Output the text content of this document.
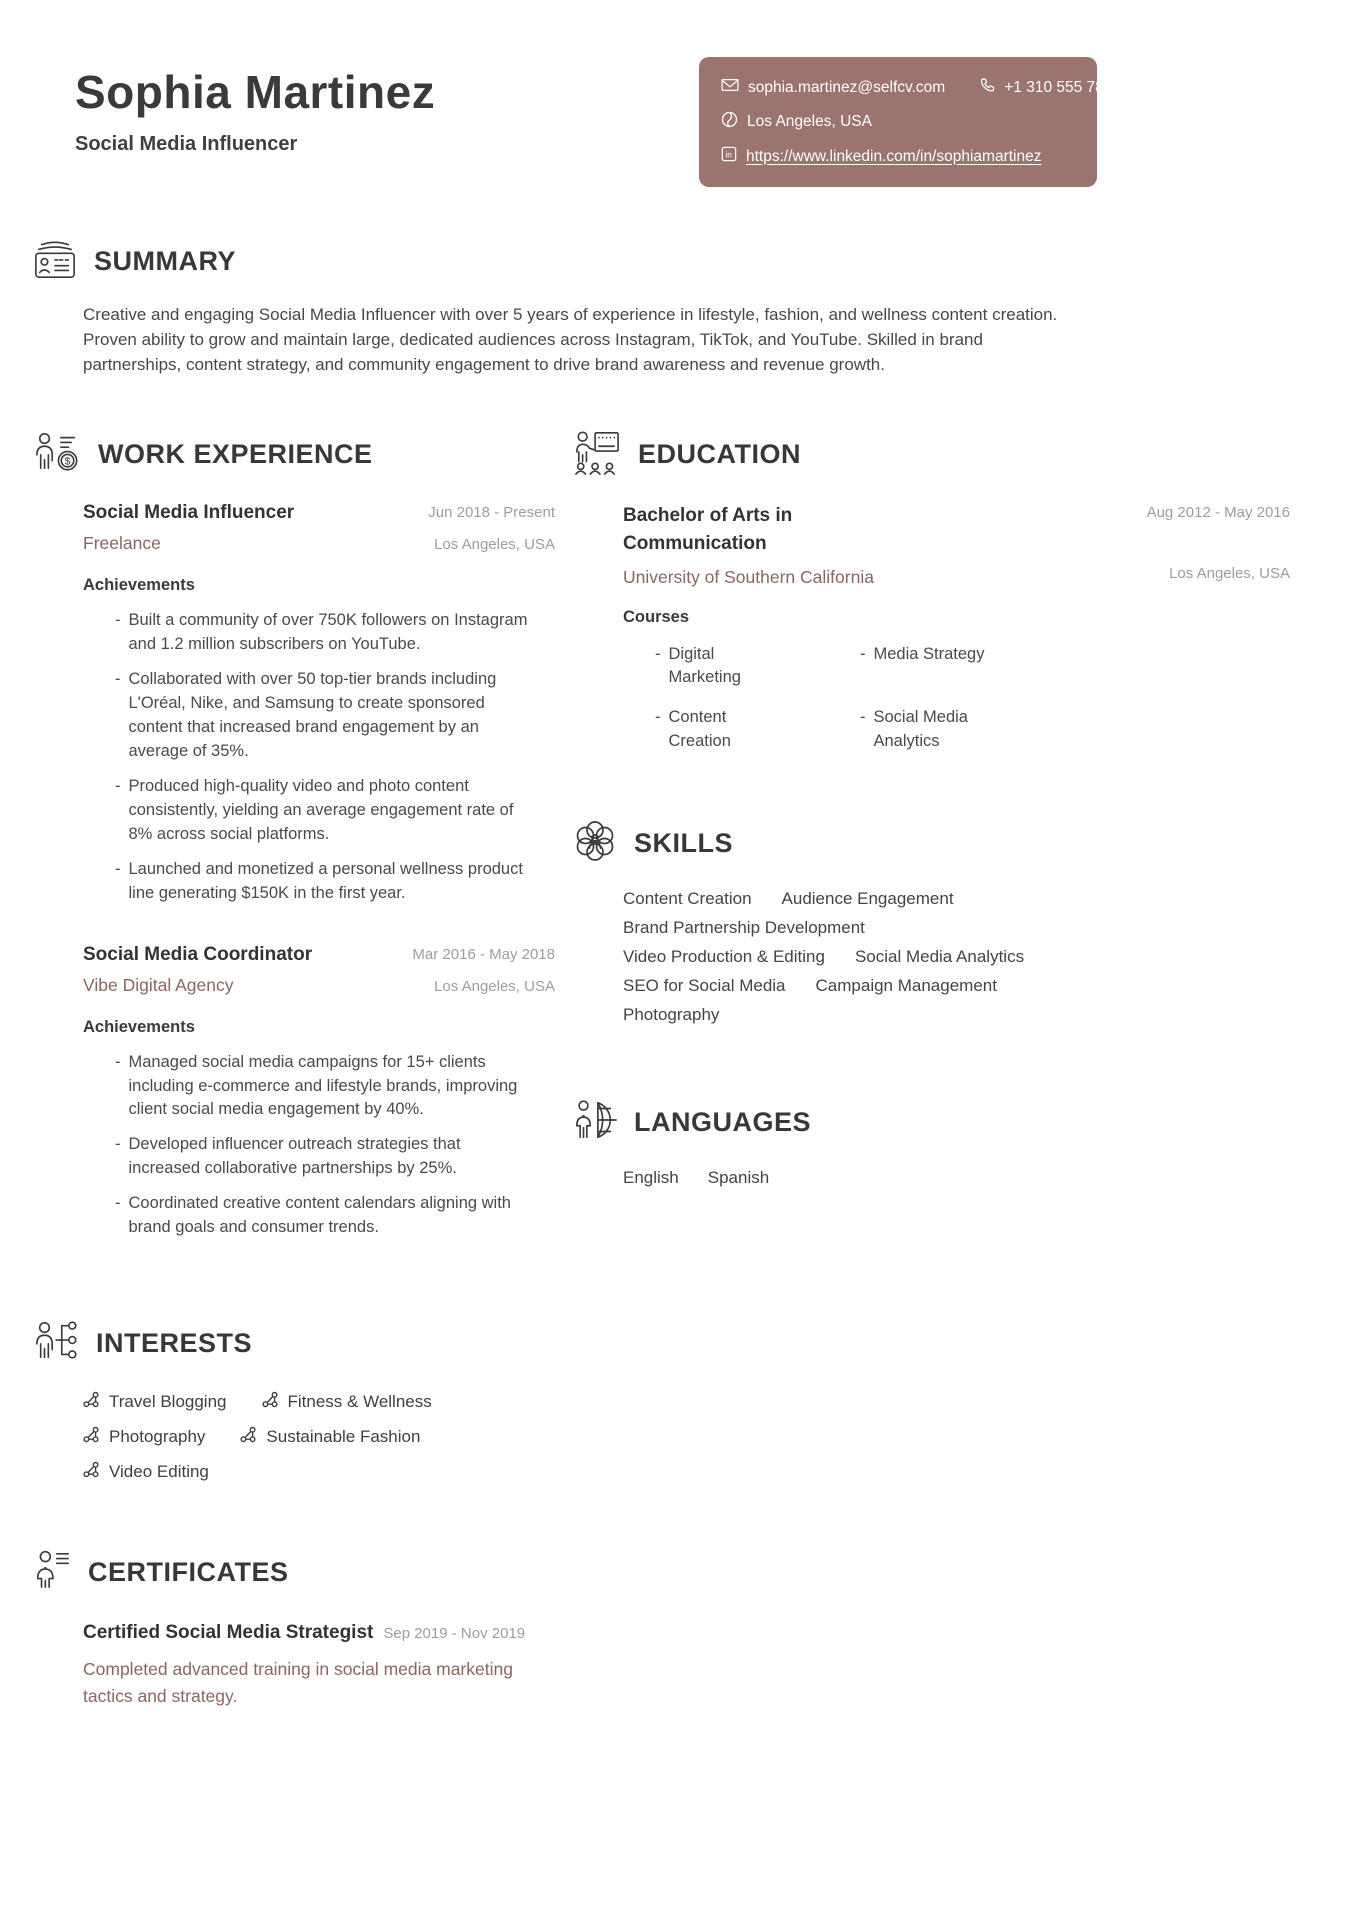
Sophia Martinez
Social Media Influencer
sophia.martinez@selfcv.com	+1 310 555 7821
Los Angeles, USA
in https://www.linkedin.com/in/sophiamartinez
SUMMARY
Creative and engaging Social Media Influencer with over 5 years of experience in lifestyle, fashion, and wellness content creation. Proven ability to grow and maintain large, dedicated audiences across Instagram, TikTok, and YouTube. Skilled in brand partnerships, content strategy, and community engagement to drive brand awareness and revenue growth.
$ WORK EXPERIENCE
Social Media Influencer
Freelance
Jun 2018 - Present
Los Angeles, USA
Achievements
- Built a community of over 750K followers on Instagram and 1.2 million subscribers on YouTube.
- Collaborated with over 50 top-tier brands including L'Oréal, Nike, and Samsung to create sponsored content that increased brand engagement by an average of 35%.
- Produced high-quality video and photo content consistently, yielding an average engagement rate of 8% across social platforms.
- Launched and monetized a personal wellness product line generating $150K in the first year.
Social Media Coordinator
Vibe Digital Agency
Mar 2016 - May 2018
Los Angeles, USA
Achievements
- Managed social media campaigns for 15+ clients including e-commerce and lifestyle brands, improving client social media engagement by 40%.
- Developed influencer outreach strategies that increased collaborative partnerships by 25%.
- Coordinated creative content calendars aligning with brand goals and consumer trends.
INTERESTS
Travel Blogging	Fitness & Wellness
Photography	Sustainable Fashion
Video Editing
CERTIFICATES
Certified Social Media Strategist Sep 2019 - Nov 2019
Completed advanced training in social media marketing tactics and strategy.
EDUCATION
Bachelor of Arts in Communication
University of Southern California
Aug 2012 - May 2016
Los Angeles, USA
Courses
- Digital Marketing
- Media Strategy
- Content Creation
- Social Media Analytics
SKILLS
Content Creation Audience Engagement
Brand Partnership Development
Video Production & Editing Social Media Analytics
SEO for Social Media Campaign Management
Photography
LANGUAGES
English Spanish
